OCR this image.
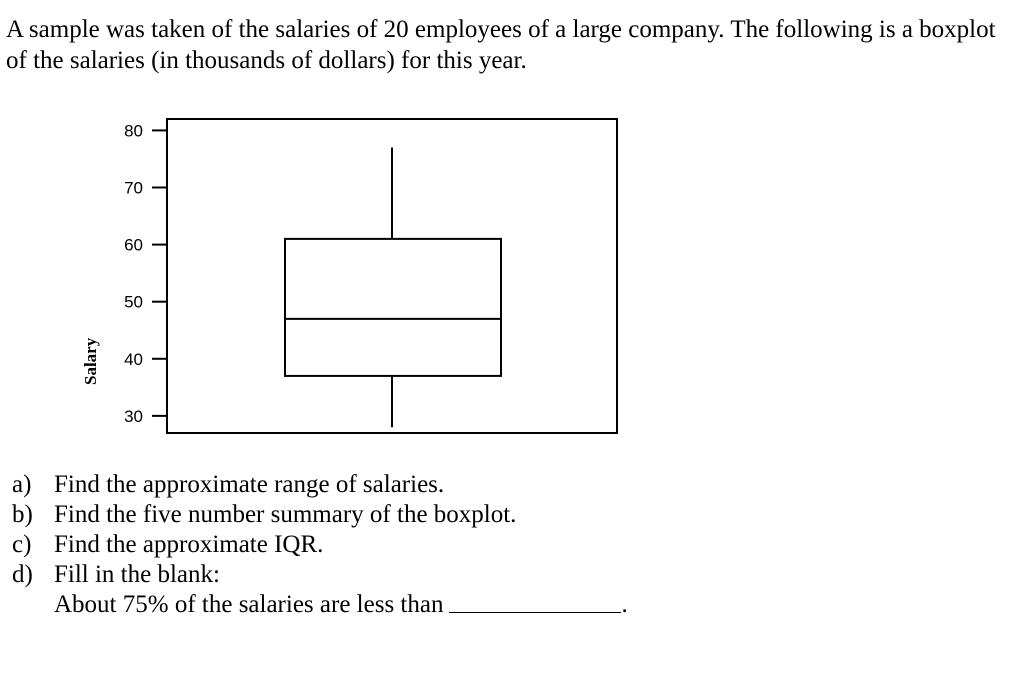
A sample was taken of the salaries of 20 employees of a large company. The following is a boxplot of the salaries (in thousands of dollars) for this year.

30
40
50
60
70
80
Salary
a) Find the approximate range of salaries.
b) Find the five number summary of the boxplot.
c) Find the approximate IQR.
d) Fill in the blank:
About 75% of the salaries are less than	.
